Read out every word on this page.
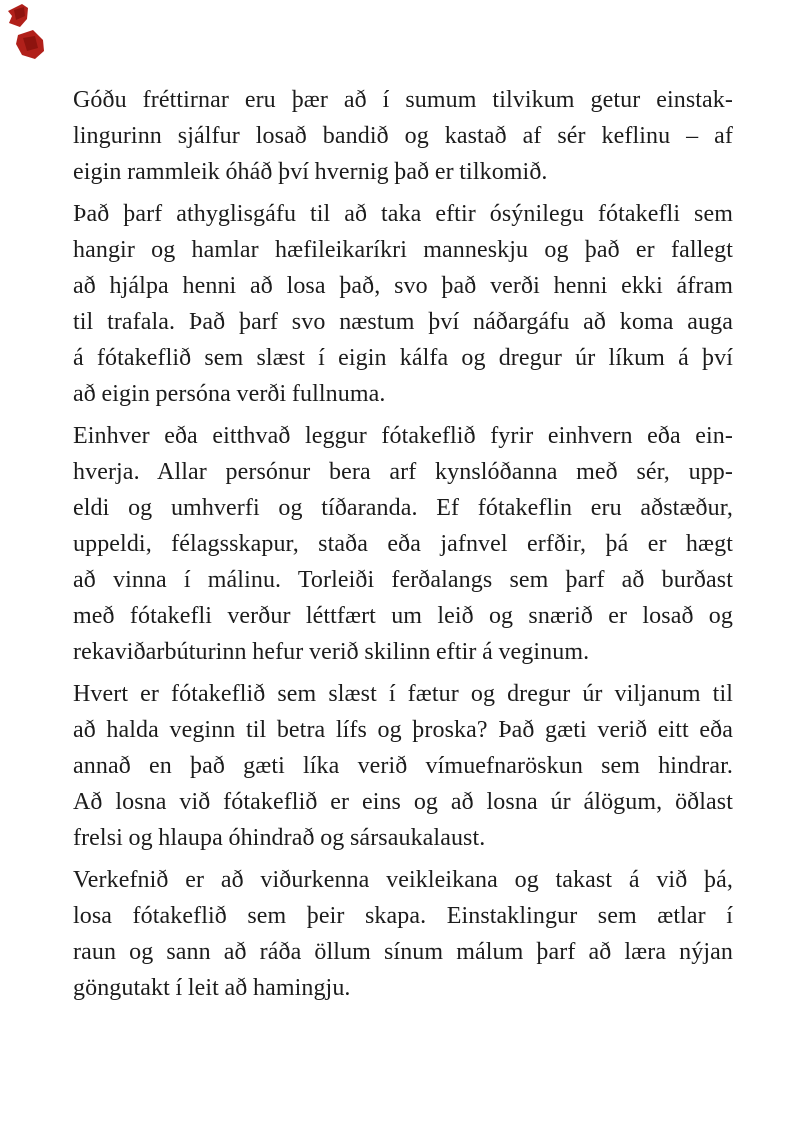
Góðu fréttirnar eru þær að í sumum tilvikum getur einstak-
lingurinn sjálfur losað bandið og kastað af sér keflinu – af
eigin rammleik óháð því hvernig það er tilkomið.

Það þarf athyglisgáfu til að taka eftir ósýnilegu fótakefli sem
hangir og hamlar hæfileikaríkri manneskju og það er fallegt
að hjálpa henni að losa það, svo það verði henni ekki áfram
til trafala. Það þarf svo næstum því náðargáfu að koma auga
á fótakeflið sem slæst í eigin kálfa og dregur úr líkum á því
að eigin persóna verði fullnuma.

Einhver eða eitthvað leggur fótakeflið fyrir einhvern eða ein-
hverja. Allar persónur bera arf kynslóðanna með sér, upp-
eldi og umhverfi og tíðaranda. Ef fótakeflin eru aðstæður,
uppeldi, félagsskapur, staða eða jafnvel erfðir, þá er hægt
að vinna í málinu. Torleiði ferðalangs sem þarf að burðast
með fótakefli verður léttfært um leið og snærið er losað og
rekaviðarbúturinn hefur verið skilinn eftir á veginum.

Hvert er fótakeflið sem slæst í fætur og dregur úr viljanum til
að halda veginn til betra lífs og þroska? Það gæti verið eitt eða
annað en það gæti líka verið vímuefnaröskun sem hindrar.
Að losna við fótakeflið er eins og að losna úr álögum, öðlast
frelsi og hlaupa óhindrað og sársaukalaust.

Verkefnið er að viðurkenna veikleikana og takast á við þá,
losa fótakeflið sem þeir skapa. Einstaklingur sem ætlar í
raun og sann að ráða öllum sínum málum þarf að læra nýjan
göngutakt í leit að hamingju.
